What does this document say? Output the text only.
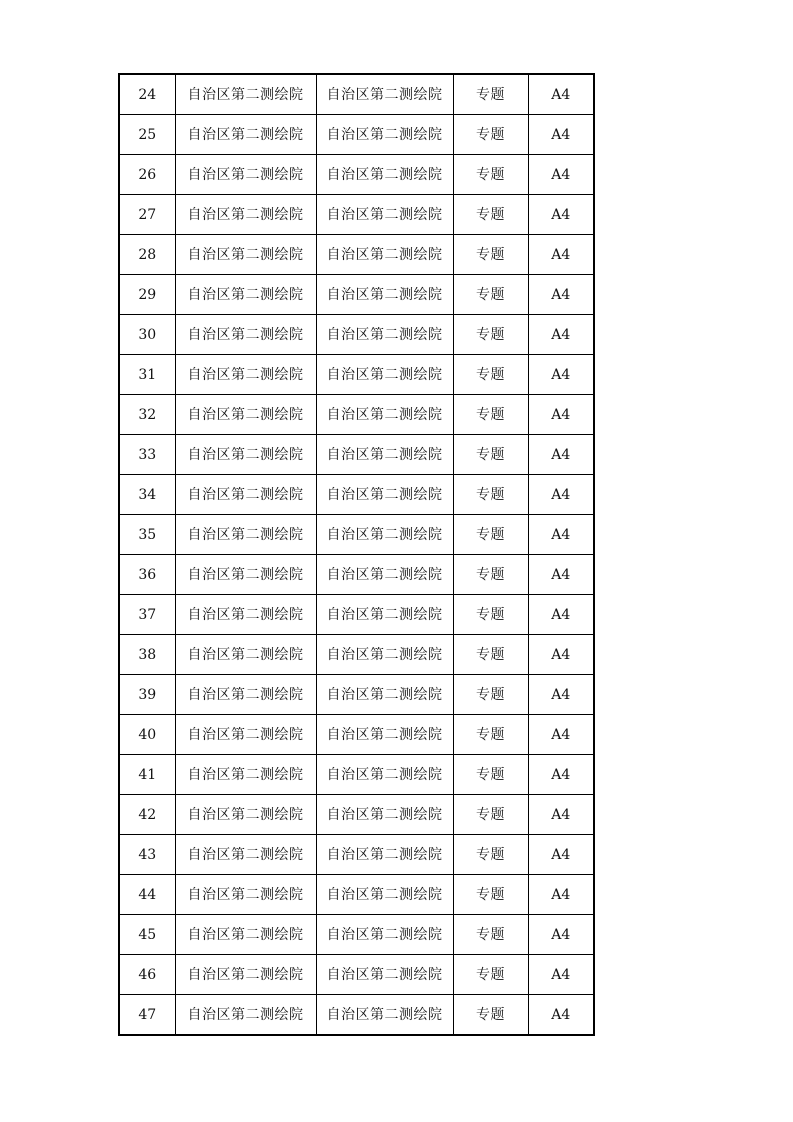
24	自治区第二测绘院	自治区第二测绘院	专题	A4
25	自治区第二测绘院	自治区第二测绘院	专题	A4
26	自治区第二测绘院	自治区第二测绘院	专题	A4
27	自治区第二测绘院	自治区第二测绘院	专题	A4
28	自治区第二测绘院	自治区第二测绘院	专题	A4
29	自治区第二测绘院	自治区第二测绘院	专题	A4
30	自治区第二测绘院	自治区第二测绘院	专题	A4
31	自治区第二测绘院	自治区第二测绘院	专题	A4
32	自治区第二测绘院	自治区第二测绘院	专题	A4
33	自治区第二测绘院	自治区第二测绘院	专题	A4
34	自治区第二测绘院	自治区第二测绘院	专题	A4
35	自治区第二测绘院	自治区第二测绘院	专题	A4
36	自治区第二测绘院	自治区第二测绘院	专题	A4
37	自治区第二测绘院	自治区第二测绘院	专题	A4
38	自治区第二测绘院	自治区第二测绘院	专题	A4
39	自治区第二测绘院	自治区第二测绘院	专题	A4
40	自治区第二测绘院	自治区第二测绘院	专题	A4
41	自治区第二测绘院	自治区第二测绘院	专题	A4
42	自治区第二测绘院	自治区第二测绘院	专题	A4
43	自治区第二测绘院	自治区第二测绘院	专题	A4
44	自治区第二测绘院	自治区第二测绘院	专题	A4
45	自治区第二测绘院	自治区第二测绘院	专题	A4
46	自治区第二测绘院	自治区第二测绘院	专题	A4
47	自治区第二测绘院	自治区第二测绘院	专题	A4
